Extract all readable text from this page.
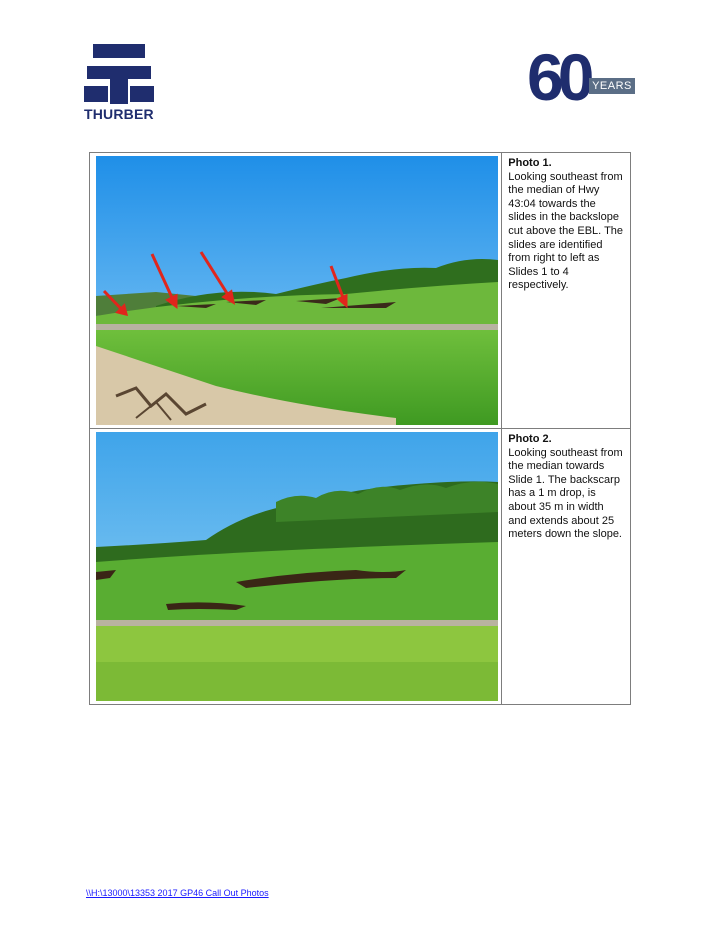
THURBER	60 YEARS

Photo 1.
Looking southeast from the median of Hwy 43:04 towards the slides in the backslope cut above the EBL. The slides are identified from right to left as Slides 1 to 4 respectively.

Photo 2.
Looking southeast from the median towards Slide 1. The backscarp has a 1 m drop, is about 35 m in width and extends about 25 meters down the slope.
\\H:\13000\13353 2017 GP46 Call Out Photos
